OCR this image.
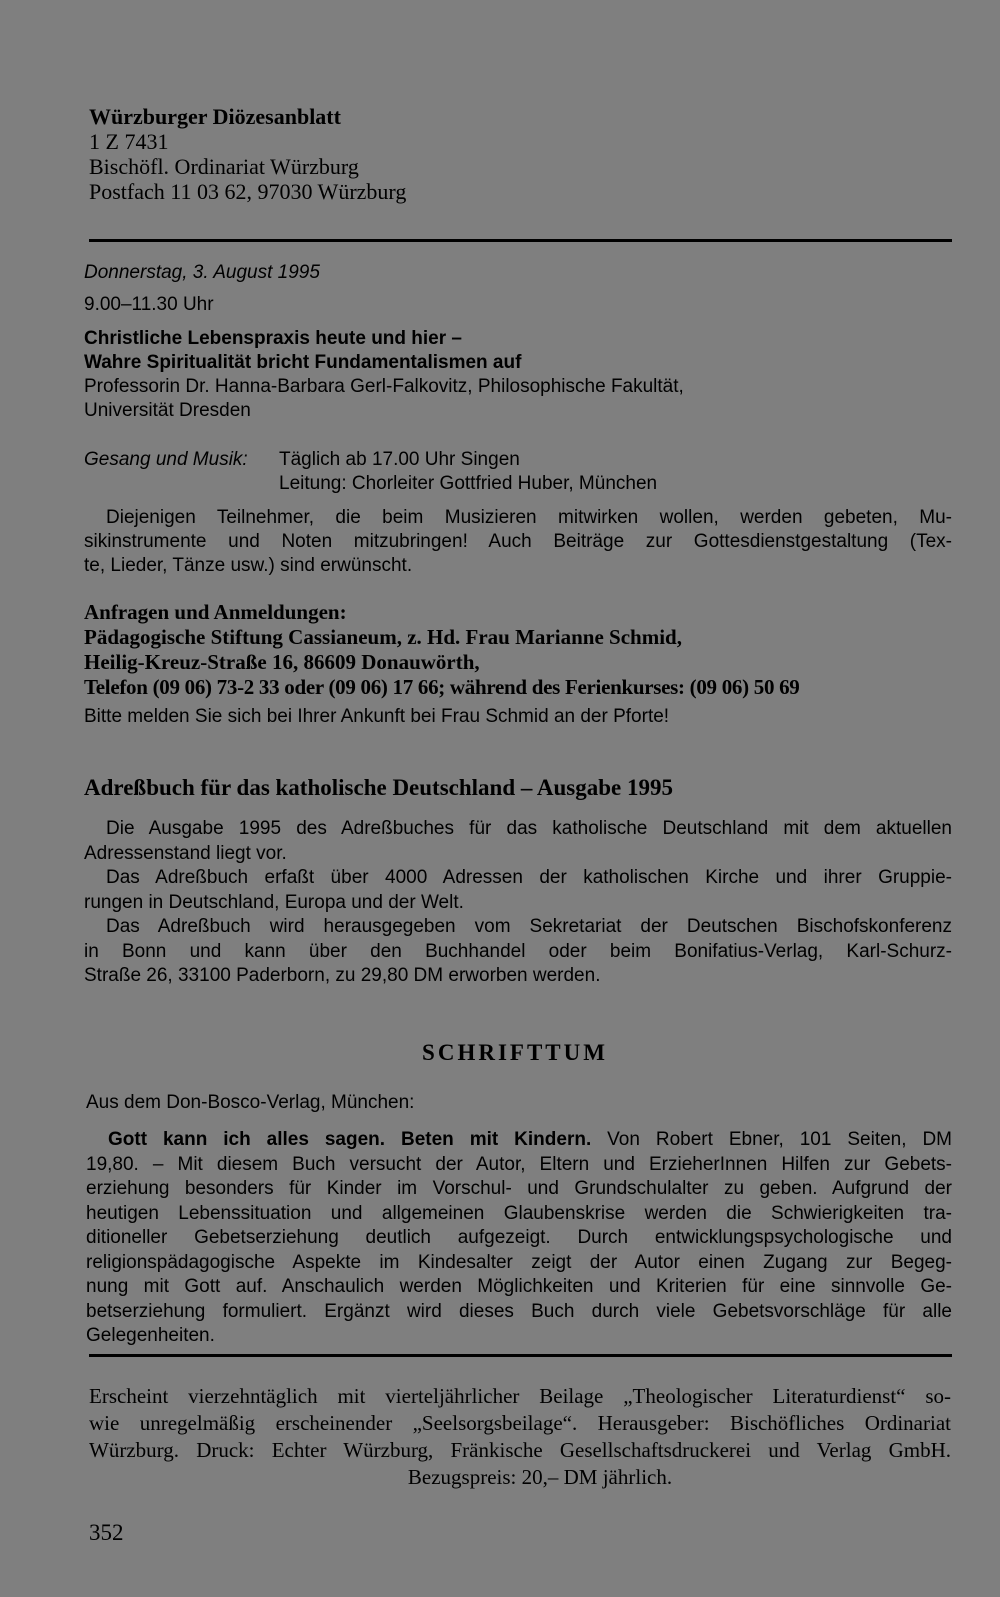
Würzburger Diözesanblatt
1 Z 7431
Bischöfl. Ordinariat Würzburg
Postfach 11 03 62, 97030 Würzburg
Donnerstag, 3. August 1995
9.00–11.30 Uhr
Christliche Lebenspraxis heute und hier –
Wahre Spiritualität bricht Fundamentalismen auf
Professorin Dr. Hanna-Barbara Gerl-Falkovitz, Philosophische Fakultät,
Universität Dresden
Gesang und Musik: Täglich ab 17.00 Uhr Singen
Leitung: Chorleiter Gottfried Huber, München
Diejenigen Teilnehmer, die beim Musizieren mitwirken wollen, werden gebeten, Mu-
sikinstrumente und Noten mitzubringen! Auch Beiträge zur Gottesdienstgestaltung (Tex-
te, Lieder, Tänze usw.) sind erwünscht.
Anfragen und Anmeldungen:
Pädagogische Stiftung Cassianeum, z. Hd. Frau Marianne Schmid,
Heilig-Kreuz-Straße 16, 86609 Donauwörth,
Telefon (09 06) 73-2 33 oder (09 06) 17 66; während des Ferienkurses: (09 06) 50 69
Bitte melden Sie sich bei Ihrer Ankunft bei Frau Schmid an der Pforte!
Adreßbuch für das katholische Deutschland – Ausgabe 1995
Die Ausgabe 1995 des Adreßbuches für das katholische Deutschland mit dem aktuellen
Adressenstand liegt vor.
Das Adreßbuch erfaßt über 4000 Adressen der katholischen Kirche und ihrer Gruppie-
rungen in Deutschland, Europa und der Welt.
Das Adreßbuch wird herausgegeben vom Sekretariat der Deutschen Bischofskonferenz
in Bonn und kann über den Buchhandel oder beim Bonifatius-Verlag, Karl-Schurz-
Straße 26, 33100 Paderborn, zu 29,80 DM erworben werden.
SCHRIFTTUM
Aus dem Don-Bosco-Verlag, München:
Gott kann ich alles sagen. Beten mit Kindern. Von Robert Ebner, 101 Seiten, DM
19,80. – Mit diesem Buch versucht der Autor, Eltern und ErzieherInnen Hilfen zur Gebets-
erziehung besonders für Kinder im Vorschul- und Grundschulalter zu geben. Aufgrund der
heutigen Lebenssituation und allgemeinen Glaubenskrise werden die Schwierigkeiten tra-
ditioneller Gebetserziehung deutlich aufgezeigt. Durch entwicklungspsychologische und
religionspädagogische Aspekte im Kindesalter zeigt der Autor einen Zugang zur Begeg-
nung mit Gott auf. Anschaulich werden Möglichkeiten und Kriterien für eine sinnvolle Ge-
betserziehung formuliert. Ergänzt wird dieses Buch durch viele Gebetsvorschläge für alle
Gelegenheiten.
Erscheint vierzehntäglich mit vierteljährlicher Beilage „Theologischer Literaturdienst“ so-
wie unregelmäßig erscheinender „Seelsorgsbeilage“. Herausgeber: Bischöfliches Ordinariat
Würzburg. Druck: Echter Würzburg, Fränkische Gesellschaftsdruckerei und Verlag GmbH.
Bezugspreis: 20,– DM jährlich.
352
